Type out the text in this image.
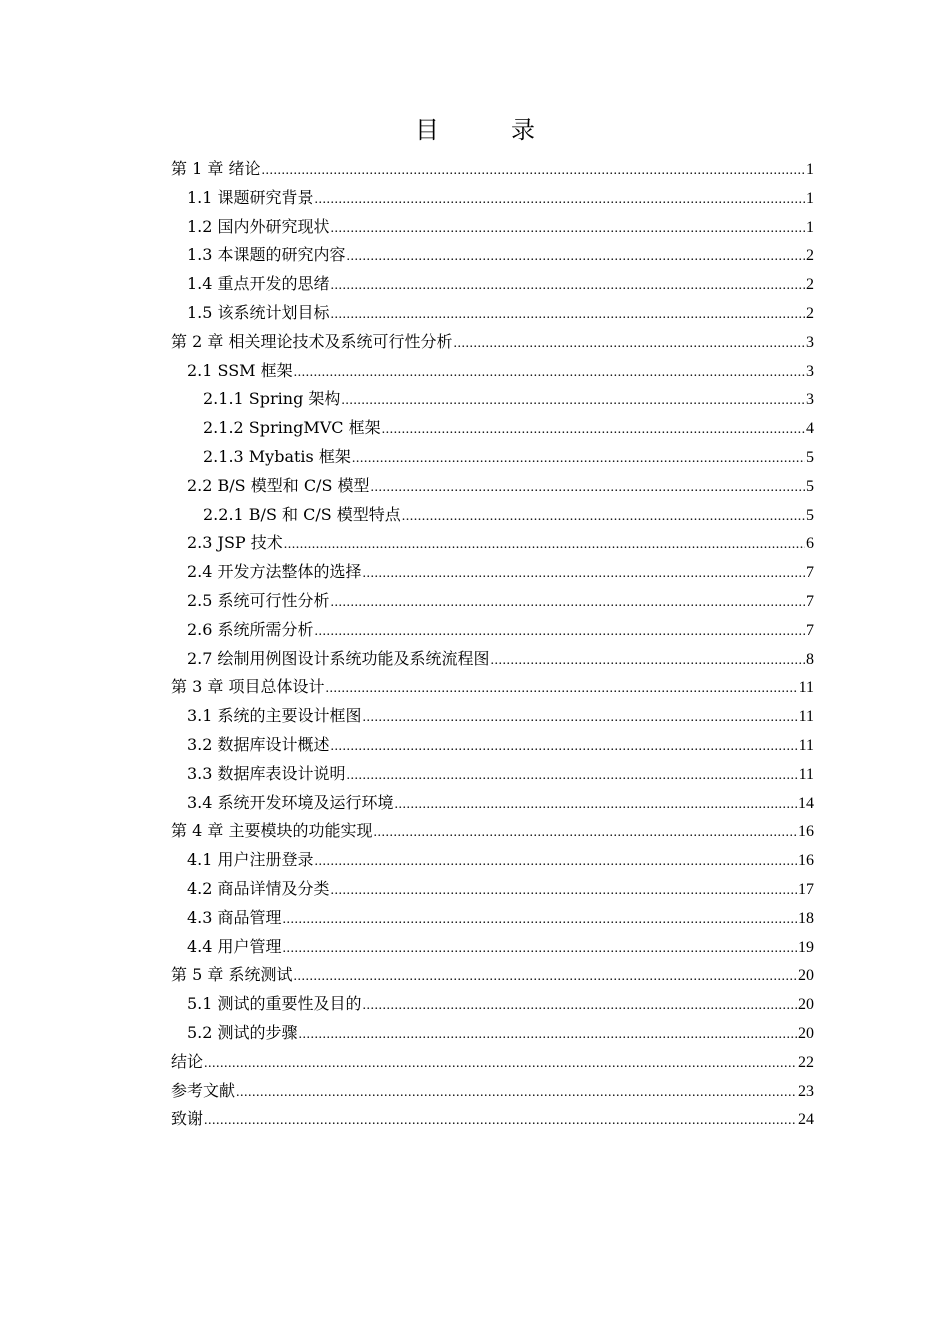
目　录
第 1 章 绪论 .....	1
1.1 课题研究背景 .....	1
1.2 国内外研究现状 .....	1
1.3 本课题的研究内容 .....	2
1.4 重点开发的思绪 .....	2
1.5 该系统计划目标 .....	2
第 2 章 相关理论技术及系统可行性分析 .....	3
2.1 SSM 框架 .....	3
2.1.1 Spring 架构 .....	3
2.1.2 SpringMVC 框架 .....	4
2.1.3 Mybatis 框架 .....	5
2.2 B/S 模型和 C/S 模型 .....	5
2.2.1 B/S 和 C/S 模型特点 .....	5
2.3 JSP 技术 .....	6
2.4 开发方法整体的选择 .....	7
2.5 系统可行性分析 .....	7
2.6 系统所需分析 .....	7
2.7 绘制用例图设计系统功能及系统流程图 .....	8
第 3 章 项目总体设计 .....	11
3.1 系统的主要设计框图 .....	11
3.2 数据库设计概述 .....	11
3.3 数据库表设计说明 .....	11
3.4 系统开发环境及运行环境 .....	14
第 4 章 主要模块的功能实现 .....	16
4.1 用户注册登录 .....	16
4.2 商品详情及分类 .....	17
4.3 商品管理 .....	18
4.4 用户管理 .....	19
第 5 章 系统测试 .....	20
5.1 测试的重要性及目的 .....	20
5.2 测试的步骤 .....	20
结论 .....	22
参考文献 .....	23
致谢 .....	24
